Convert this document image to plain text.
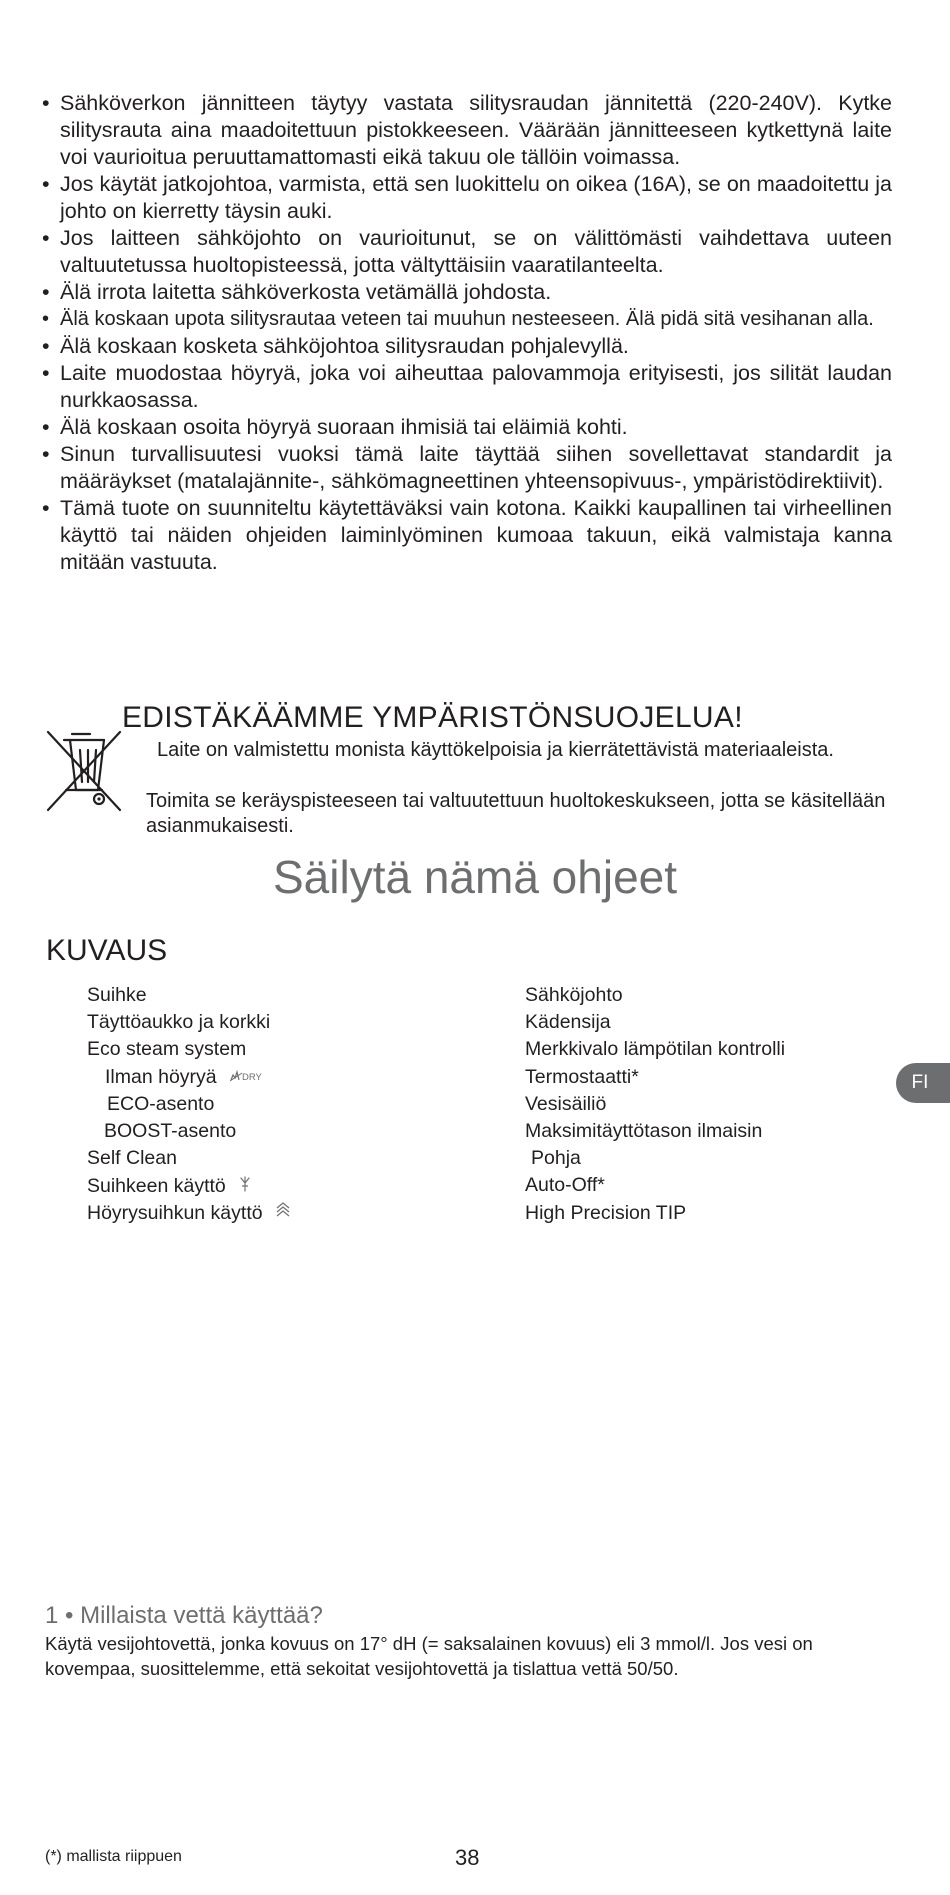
• Sähköverkon jännitteen täytyy vastata silitysraudan jännitettä (220-240V). Kytke silitysrauta aina maadoitettuun pistokkeeseen. Väärään jännitteeseen kytkettynä laite voi vaurioitua peruuttamattomasti eikä takuu ole tällöin voimassa.
• Jos käytät jatkojohtoa, varmista, että sen luokittelu on oikea (16A), se on maadoitettu ja johto on kierretty täysin auki.
• Jos laitteen sähköjohto on vaurioitunut, se on välittömästi vaihdettava uuteen valtuutetussa huoltopisteessä, jotta vältyttäisiin vaaratilanteelta.
• Älä irrota laitetta sähköverkosta vetämällä johdosta.
• Älä koskaan upota silitysrautaa veteen tai muuhun nesteeseen. Älä pidä sitä vesihanan alla.
• Älä koskaan kosketa sähköjohtoa silitysraudan pohjalevyllä.
• Laite muodostaa höyryä, joka voi aiheuttaa palovammoja erityisesti, jos silität laudan nurkkaosassa.
• Älä koskaan osoita höyryä suoraan ihmisiä tai eläimiä kohti.
• Sinun turvallisuutesi vuoksi tämä laite täyttää siihen sovellettavat standardit ja määräykset (matalajännite-, sähkömagneettinen yhteensopivuus-, ympäristödirektiivit).
• Tämä tuote on suunniteltu käytettäväksi vain kotona. Kaikki kaupallinen tai virheellinen käyttö tai näiden ohjeiden laiminlyöminen kumoaa takuun, eikä valmistaja kanna mitään vastuuta.
EDISTÄKÄÄMME YMPÄRISTÖNSUOJELUA!

Laite on valmistettu monista käyttökelpoisia ja kierrätettävistä materiaaleista.

Toimita se keräyspisteeseen tai valtuutettuun huoltokeskukseen, jotta se käsitellään asianmukaisesti.

Säilytä nämä ohjeet
KUVAUS
Suihke
Täyttöaukko ja korkki
Eco steam system
Ilman höyryä	DRY
ECO-asento
BOOST-asento
Self Clean
Suihkeen käyttö
Höyrysuihkun käyttö
Sähköjohto
Kädensija
Merkkivalo lämpötilan kontrolli
Termostaatti*
Vesisäiliö
Maksimitäyttötason ilmaisin
Pohja
Auto-Off*
High Precision TIP
FI
1 • Millaista vettä käyttää?

Käytä vesijohtovettä, jonka kovuus on 17° dH (= saksalainen kovuus) eli 3 mmol/l. Jos vesi on kovempaa, suosittelemme, että sekoitat vesijohtovettä ja tislattua vettä 50/50.

(*) mallista riippuen	38
